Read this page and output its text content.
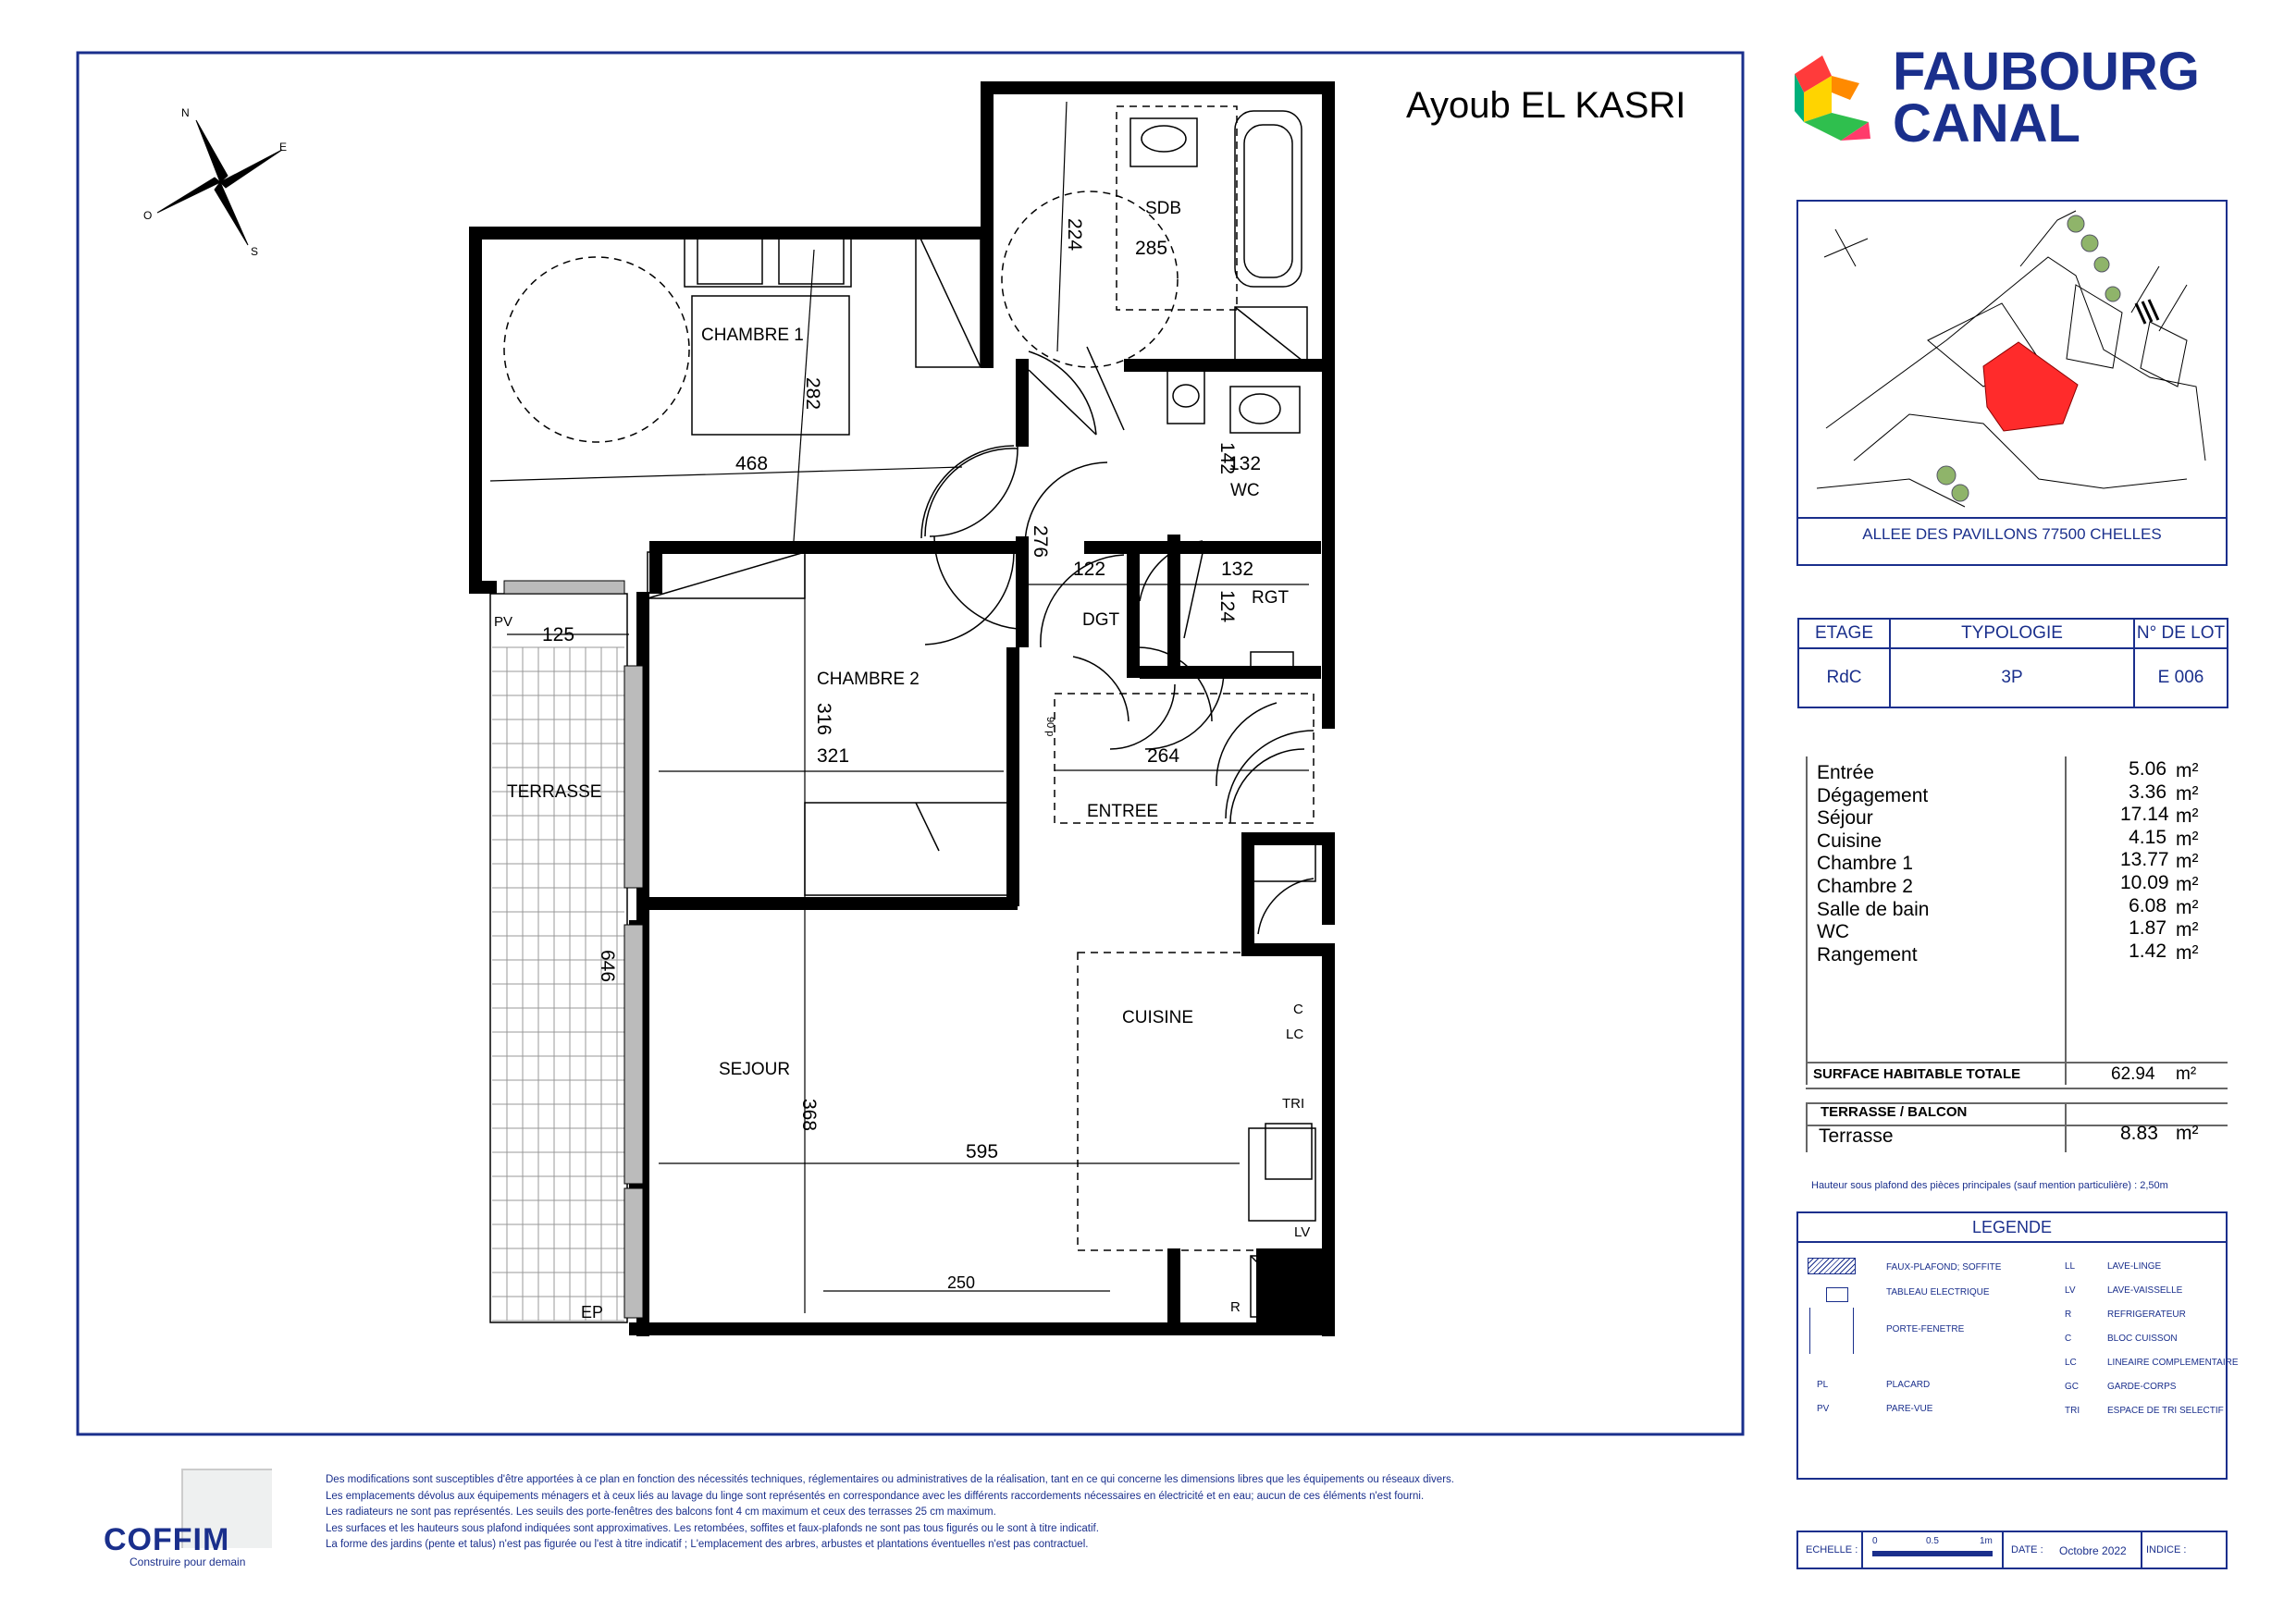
N
E
S
O
CHAMBRE 1
CHAMBRE 2
SDB
WC
RGT
DGT
ENTREE
CUISINE
SEJOUR
TERRASSE
468
282
224	285
276
122	132
132
142
124
125
316
321	264
646
368
595
250
90 p
PV
EP
C
LC
TRI
LV
R
Ayoub EL KASRI
FAUBOURG
CANAL
ALLEE DES PAVILLONS 77500 CHELLES
ETAGE	TYPOLOGIE	N° DE LOT
RdC	3P	E 006
Entrée	5.06 m²
Dégagement	3.36 m²
Séjour	17.14 m²
Cuisine	4.15 m²
Chambre 1	13.77 m²
Chambre 2	10.09 m²
Salle de bain	6.08 m²
WC	1.87 m²
Rangement	1.42 m²
SURFACE HABITABLE TOTALE	62.94 m²
TERRASSE / BALCON
Terrasse	8.83 m²
Hauteur sous plafond des pièces principales (sauf mention particulière) : 2,50m
LEGENDE
FAUX-PLAFOND; SOFFITE
TABLEAU ELECTRIQUE
PORTE-FENETRE
PL	PLACARD
PV	PARE-VUE
LL	LAVE-LINGE
LV	LAVE-VAISSELLE
R	REFRIGERATEUR
C	BLOC CUISSON
LC	LINEAIRE COMPLEMENTAIRE
GC	GARDE-CORPS
TRI	ESPACE DE TRI SELECTIF
ECHELLE :
0	0.5	1m
DATE : Octobre 2022 INDICE :
COFFIM
Construire pour demain

Des modifications sont susceptibles d'être apportées à ce plan en fonction des nécessités techniques, réglementaires ou administratives de la réalisation, tant en ce qui concerne les dimensions libres que les équipements ou réseaux divers.

Les emplacements dévolus aux équipements ménagers et à ceux liés au lavage du linge sont représentés en correspondance avec les différents raccordements nécessaires en électricité et en eau; aucun de ces éléments n'est fourni.

Les radiateurs ne sont pas représentés. Les seuils des porte-fenêtres des balcons font 4 cm maximum et ceux des terrasses 25 cm maximum.

Les surfaces et les hauteurs sous plafond indiquées sont approximatives. Les retombées, soffites et faux-plafonds ne sont pas tous figurés ou le sont à titre indicatif.

La forme des jardins (pente et talus) n'est pas figurée ou l'est à titre indicatif ; L'emplacement des arbres, arbustes et plantations éventuelles n'est pas contractuel.
